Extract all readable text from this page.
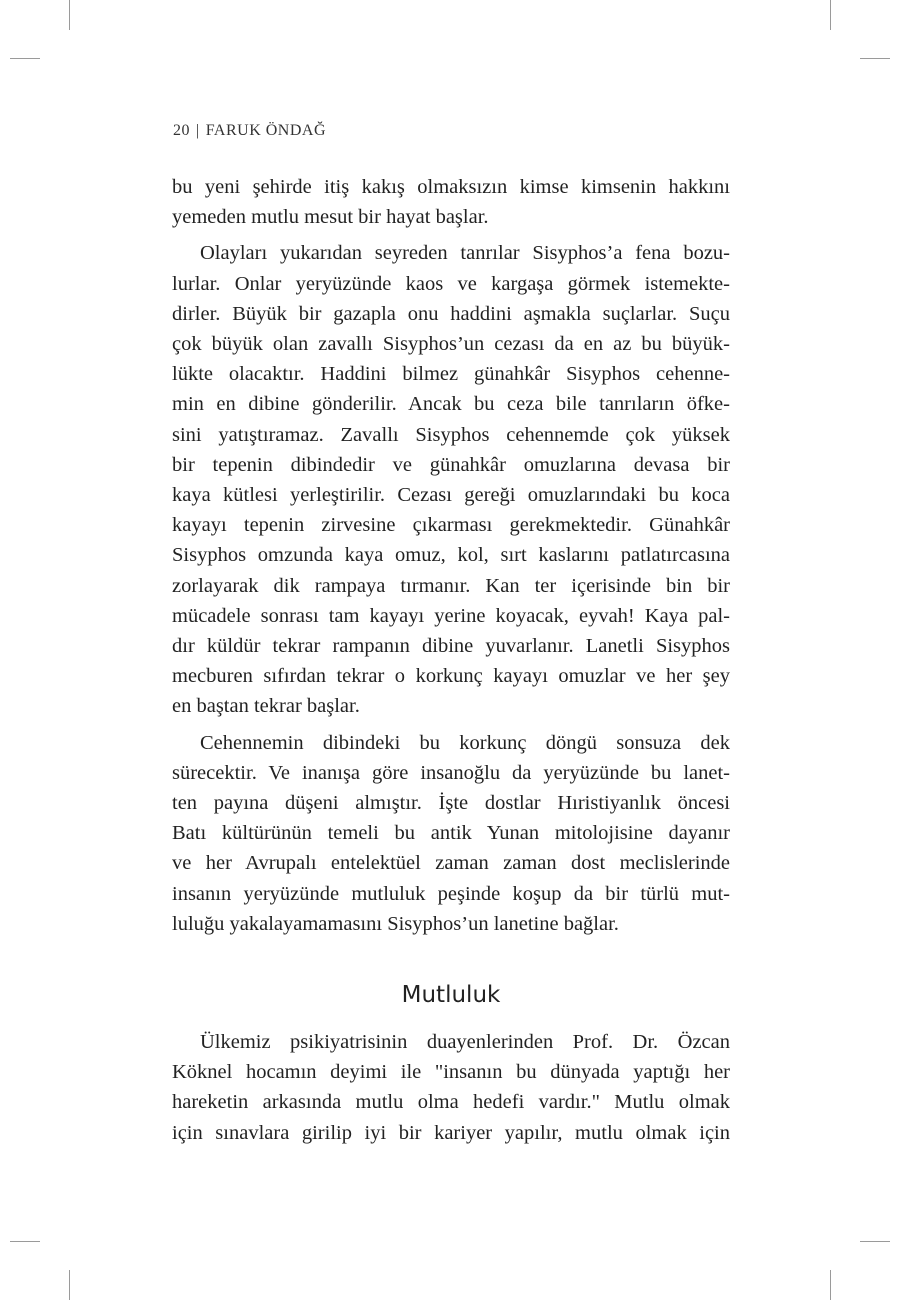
20 | FARUK ÖNDAĞ

bu yeni şehirde itiş kakış olmaksızın kimse kimsenin hakkını
yemeden mutlu mesut bir hayat başlar.

Olayları yukarıdan seyreden tanrılar Sisyphos’a fena bozu-
lurlar. Onlar yeryüzünde kaos ve kargaşa görmek istemekte-
dirler. Büyük bir gazapla onu haddini aşmakla suçlarlar. Suçu
çok büyük olan zavallı Sisyphos’un cezası da en az bu büyük-
lükte olacaktır. Haddini bilmez günahkâr Sisyphos cehenne-
min en dibine gönderilir. Ancak bu ceza bile tanrıların öfke-
sini yatıştıramaz. Zavallı Sisyphos cehennemde çok yüksek
bir tepenin dibindedir ve günahkâr omuzlarına devasa bir
kaya kütlesi yerleştirilir. Cezası gereği omuzlarındaki bu koca
kayayı tepenin zirvesine çıkarması gerekmektedir. Günahkâr
Sisyphos omzunda kaya omuz, kol, sırt kaslarını patlatırcasına
zorlayarak dik rampaya tırmanır. Kan ter içerisinde bin bir
mücadele sonrası tam kayayı yerine koyacak, eyvah! Kaya pal-
dır küldür tekrar rampanın dibine yuvarlanır. Lanetli Sisyphos
mecburen sıfırdan tekrar o korkunç kayayı omuzlar ve her şey
en baştan tekrar başlar.

Cehennemin dibindeki bu korkunç döngü sonsuza dek
sürecektir. Ve inanışa göre insanoğlu da yeryüzünde bu lanet-
ten payına düşeni almıştır. İşte dostlar Hıristiyanlık öncesi
Batı kültürünün temeli bu antik Yunan mitolojisine dayanır
ve her Avrupalı entelektüel zaman zaman dost meclislerinde
insanın yeryüzünde mutluluk peşinde koşup da bir türlü mut-
luluğu yakalayamamasını Sisyphos’un lanetine bağlar.

Mutluluk
Ülkemiz psikiyatrisinin duayenlerinden Prof. Dr. Özcan
Köknel hocamın deyimi ile "insanın bu dünyada yaptığı her
hareketin arkasında mutlu olma hedefi vardır." Mutlu olmak
için sınavlara girilip iyi bir kariyer yapılır, mutlu olmak için
